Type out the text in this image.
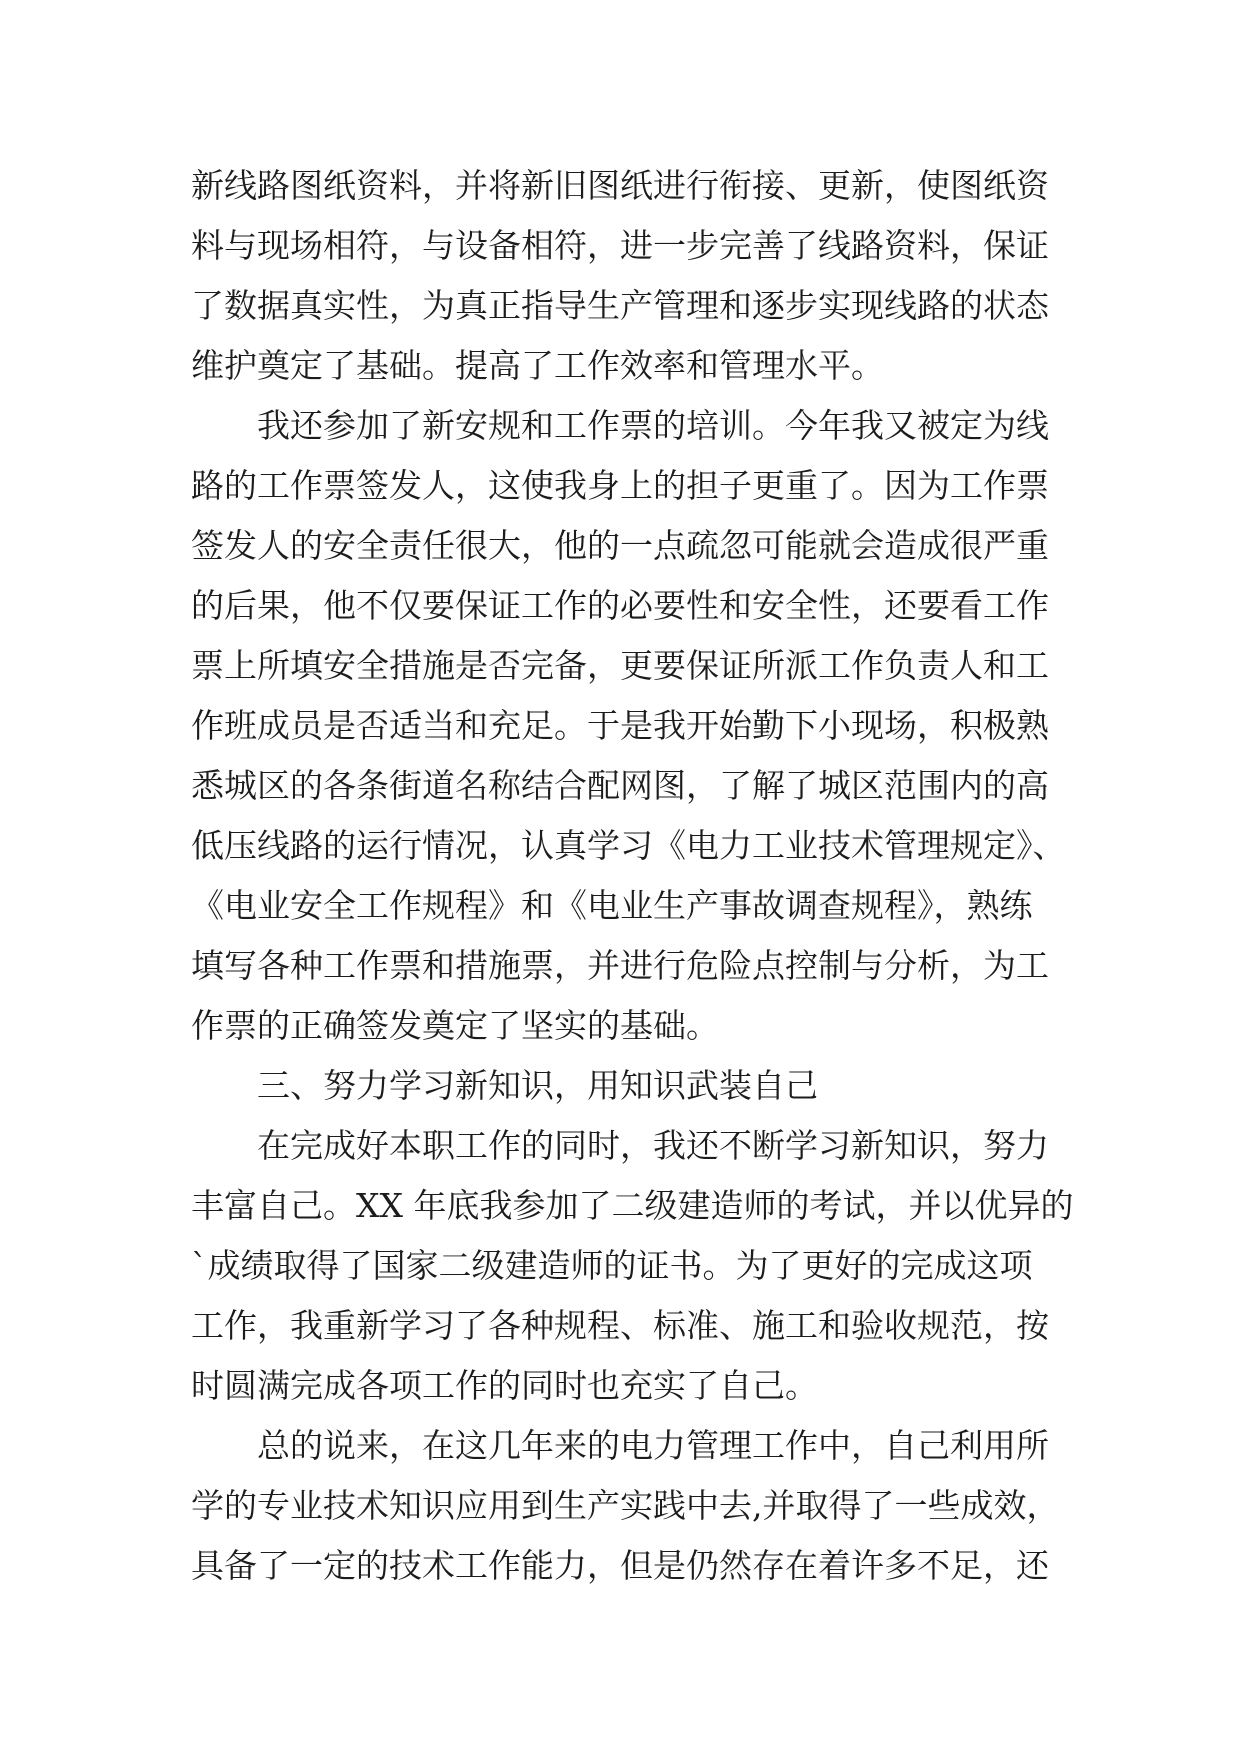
新线路图纸资料，并将新旧图纸进行衔接、更新，使图纸资
料与现场相符，与设备相符，进一步完善了线路资料，保证
了数据真实性，为真正指导生产管理和逐步实现线路的状态
维护奠定了基础。提高了工作效率和管理水平。
我还参加了新安规和工作票的培训。今年我又被定为线
路的工作票签发人，这使我身上的担子更重了。因为工作票
签发人的安全责任很大，他的一点疏忽可能就会造成很严重
的后果，他不仅要保证工作的必要性和安全性，还要看工作
票上所填安全措施是否完备，更要保证所派工作负责人和工
作班成员是否适当和充足。于是我开始勤下小现场，积极熟
悉城区的各条街道名称结合配网图，了解了城区范围内的高
低压线路的运行情况，认真学习《电力工业技术管理规定》、
《电业安全工作规程》和《电业生产事故调查规程》，熟练
填写各种工作票和措施票，并进行危险点控制与分析，为工
作票的正确签发奠定了坚实的基础。
三、努力学习新知识，用知识武装自己
在完成好本职工作的同时，我还不断学习新知识，努力
丰富自己。XX 年底我参加了二级建造师的考试，并以优异的
`成绩取得了国家二级建造师的证书。为了更好的完成这项
工作，我重新学习了各种规程、标准、施工和验收规范，按
时圆满完成各项工作的同时也充实了自己。
总的说来，在这几年来的电力管理工作中，自己利用所
学的专业技术知识应用到生产实践中去,并取得了一些成效，
具备了一定的技术工作能力，但是仍然存在着许多不足，还
